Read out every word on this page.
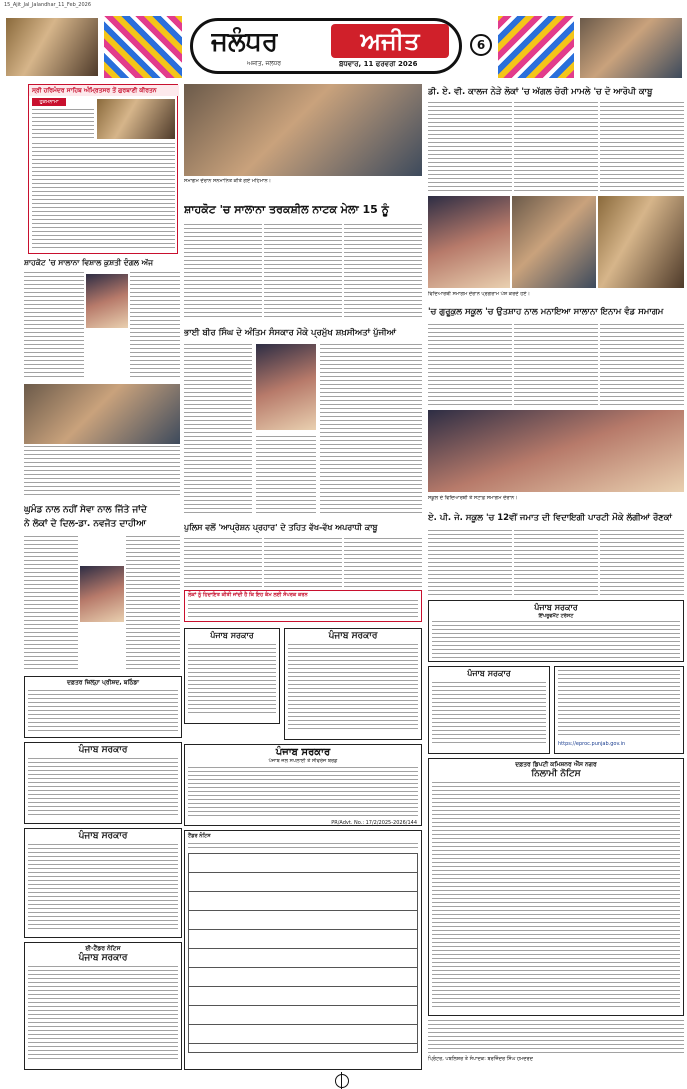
15_Ajit_Jal_Jalandhar_11_Feb_2026
ਜਲੰਧਰ	ਅਜੀਤ
ਅਜੀਤ, ਜਲੰਧਰ	ਬੁੱਧਵਾਰ, 11 ਫਰਵਰੀ 2026
6
ਸ੍ਰੀ ਹਰਿਮੰਦਰ ਸਾਹਿਬ ਅੰਮ੍ਰਿਤਸਰ ਤੋਂ ਗੁਰਬਾਣੀ ਕੀਰਤਨ
ਹੁਕਮਨਾਮਾ
ਸ਼ਾਹਕੋਟ 'ਚ ਸਾਲਾਨਾ ਵਿਸ਼ਾਲ ਕੁਸ਼ਤੀ ਦੰਗਲ ਅੱਜ
ਘੁਮੰਡ ਨਾਲ ਨਹੀਂ ਸੇਵਾ ਨਾਲ ਜਿੱਤੇ ਜਾਂਦੇ
ਨੇ ਲੋਕਾਂ ਦੇ ਦਿਲ-ਡਾ. ਨਵਜੋਤ ਦਾਹੀਆ
ਦਫ਼ਤਰ ਜ਼ਿਲ੍ਹਾ ਪ੍ਰੀਸ਼ਦ, ਬਠਿੰਡਾ
ਪੰਜਾਬ ਸਰਕਾਰ
ਪੰਜਾਬ ਸਰਕਾਰ
ਈ-ਟੈਂਡਰ ਨੋਟਿਸ
ਪੰਜਾਬ ਸਰਕਾਰ
ਸਮਾਗਮ ਦੌਰਾਨ ਸਨਮਾਨਿਤ ਕੀਤੇ ਗਏ ਮਹਿਮਾਨ।
ਸ਼ਾਹਕੋਟ 'ਚ ਸਾਲਾਨਾ ਤਰਕਸ਼ੀਲ ਨਾਟਕ ਮੇਲਾ 15 ਨੂੰ
ਭਾਈ ਬੀਰ ਸਿੰਘ ਦੇ ਅੰਤਿਮ ਸੰਸਕਾਰ ਮੌਕੇ ਪ੍ਰਮੁੱਖ ਸ਼ਖ਼ਸੀਅਤਾਂ ਪੁੱਜੀਆਂ
ਪੁਲਿਸ ਵਲੋਂ 'ਆਪ੍ਰੇਸ਼ਨ ਪ੍ਰਹਾਰ' ਦੇ ਤਹਿਤ ਵੱਖ-ਵੱਖ ਅਪਰਾਧੀ ਕਾਬੂ
ਲੋਕਾਂ ਨੂੰ ਹਿਦਾਇਤ ਕੀਤੀ ਜਾਂਦੀ ਹੈ ਕਿ ਇਹ ਕੰਮ ਲਈ ਸੰਪਰਕ ਕਰਨ
ਪੰਜਾਬ ਸਰਕਾਰ	ਪੰਜਾਬ ਸਰਕਾਰ
ਪੰਜਾਬ ਸਰਕਾਰ
ਪੰਜਾਬ ਜਲ ਸਪਲਾਈ ਤੇ ਸੀਵਰੇਜ ਬੋਰਡ
PR/Advt. No.: 17/2/2025-2026/144
ਟੈਂਡਰ ਨੋਟਿਸ
ਡੀ. ਏ. ਵੀ. ਕਾਲਜ ਨੇੜੇ ਲੋਕਾਂ 'ਚ ਅੱਗਲ ਚੋਰੀ ਮਾਮਲੇ 'ਚ ਦੋ ਆਰੋਪੀ ਕਾਬੂ
ਵਿਦਿਆਰਥੀ ਸਮਾਗਮ ਦੌਰਾਨ ਪ੍ਰੋਗਰਾਮ ਪੇਸ਼ ਕਰਦੇ ਹੋਏ।
'ਚ ਗੁਰੂਕੁਲ ਸਕੂਲ 'ਚ ਉਤਸ਼ਾਹ ਨਾਲ ਮਨਾਇਆ ਸਾਲਾਨਾ ਇਨਾਮ ਵੰਡ ਸਮਾਗਮ
ਸਕੂਲ ਦੇ ਵਿਦਿਆਰਥੀ ਤੇ ਸਟਾਫ਼ ਸਮਾਗਮ ਦੌਰਾਨ।
ਏ. ਪੀ. ਜੇ. ਸਕੂਲ 'ਚ 12ਵੀਂ ਜਮਾਤ ਦੀ ਵਿਦਾਇਗੀ ਪਾਰਟੀ ਮੌਕੇ ਲੱਗੀਆਂ ਰੌਣਕਾਂ
ਪੰਜਾਬ ਸਰਕਾਰ
ਇੰਪਰੂਵਮੈਂਟ ਟਰੱਸਟ
ਪੰਜਾਬ ਸਰਕਾਰ
https://eproc.punjab.gov.in
ਦਫ਼ਤਰ ਡਿਪਟੀ ਕਮਿਸ਼ਨਰ ਐੱਸ ਨਗਰ
ਨਿਲਾਮੀ ਨੋਟਿਸ
ਪ੍ਰਿੰਟਰ, ਪਬਲਿਸ਼ਰ ਤੇ ਸੰਪਾਦਕ: ਬਰਜਿੰਦਰ ਸਿੰਘ ਹਮਦਰਦ
